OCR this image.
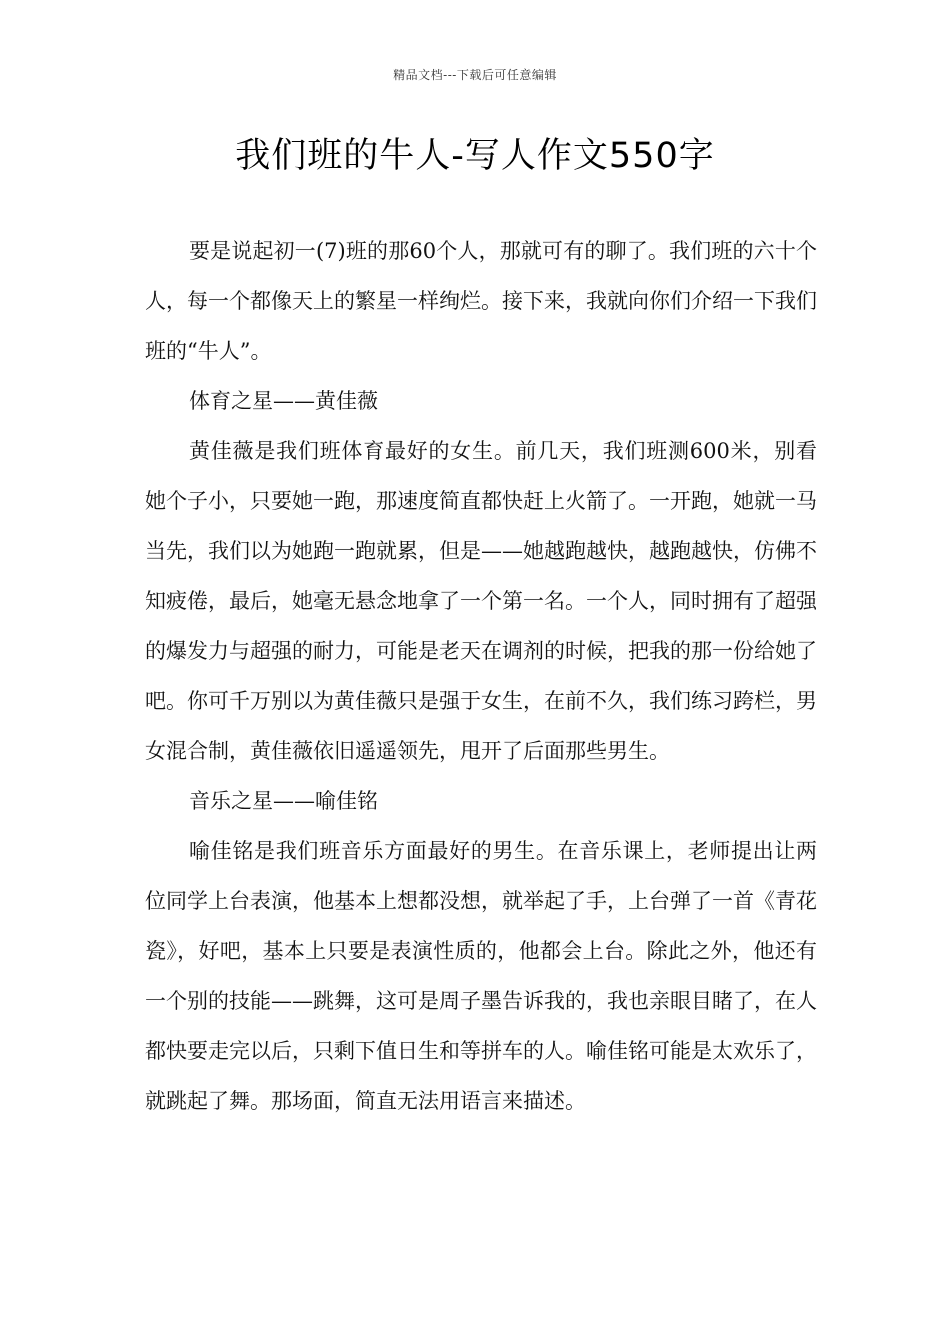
精品文档---下载后可任意编辑
我们班的牛人-写人作文550字

要是说起初一(7)班的那60个人，那就可有的聊了。我们班的六十个人，每一个都像天上的繁星一样绚烂。接下来，我就向你们介绍一下我们班的“牛人”。

体育之星——黄佳薇

黄佳薇是我们班体育最好的女生。前几天，我们班测600米，别看她个子小，只要她一跑，那速度简直都快赶上火箭了。一开跑，她就一马当先，我们以为她跑一跑就累，但是——她越跑越快，越跑越快，仿佛不知疲倦，最后，她毫无悬念地拿了一个第一名。一个人，同时拥有了超强的爆发力与超强的耐力，可能是老天在调剂的时候，把我的那一份给她了吧。你可千万别以为黄佳薇只是强于女生，在前不久，我们练习跨栏，男女混合制，黄佳薇依旧遥遥领先，甩开了后面那些男生。

音乐之星——喻佳铭

喻佳铭是我们班音乐方面最好的男生。在音乐课上，老师提出让两位同学上台表演，他基本上想都没想，就举起了手，上台弹了一首《青花瓷》，好吧，基本上只要是表演性质的，他都会上台。除此之外，他还有一个别的技能——跳舞，这可是周子墨告诉我的，我也亲眼目睹了，在人都快要走完以后，只剩下值日生和等拼车的人。喻佳铭可能是太欢乐了，就跳起了舞。那场面，简直无法用语言来描述。
